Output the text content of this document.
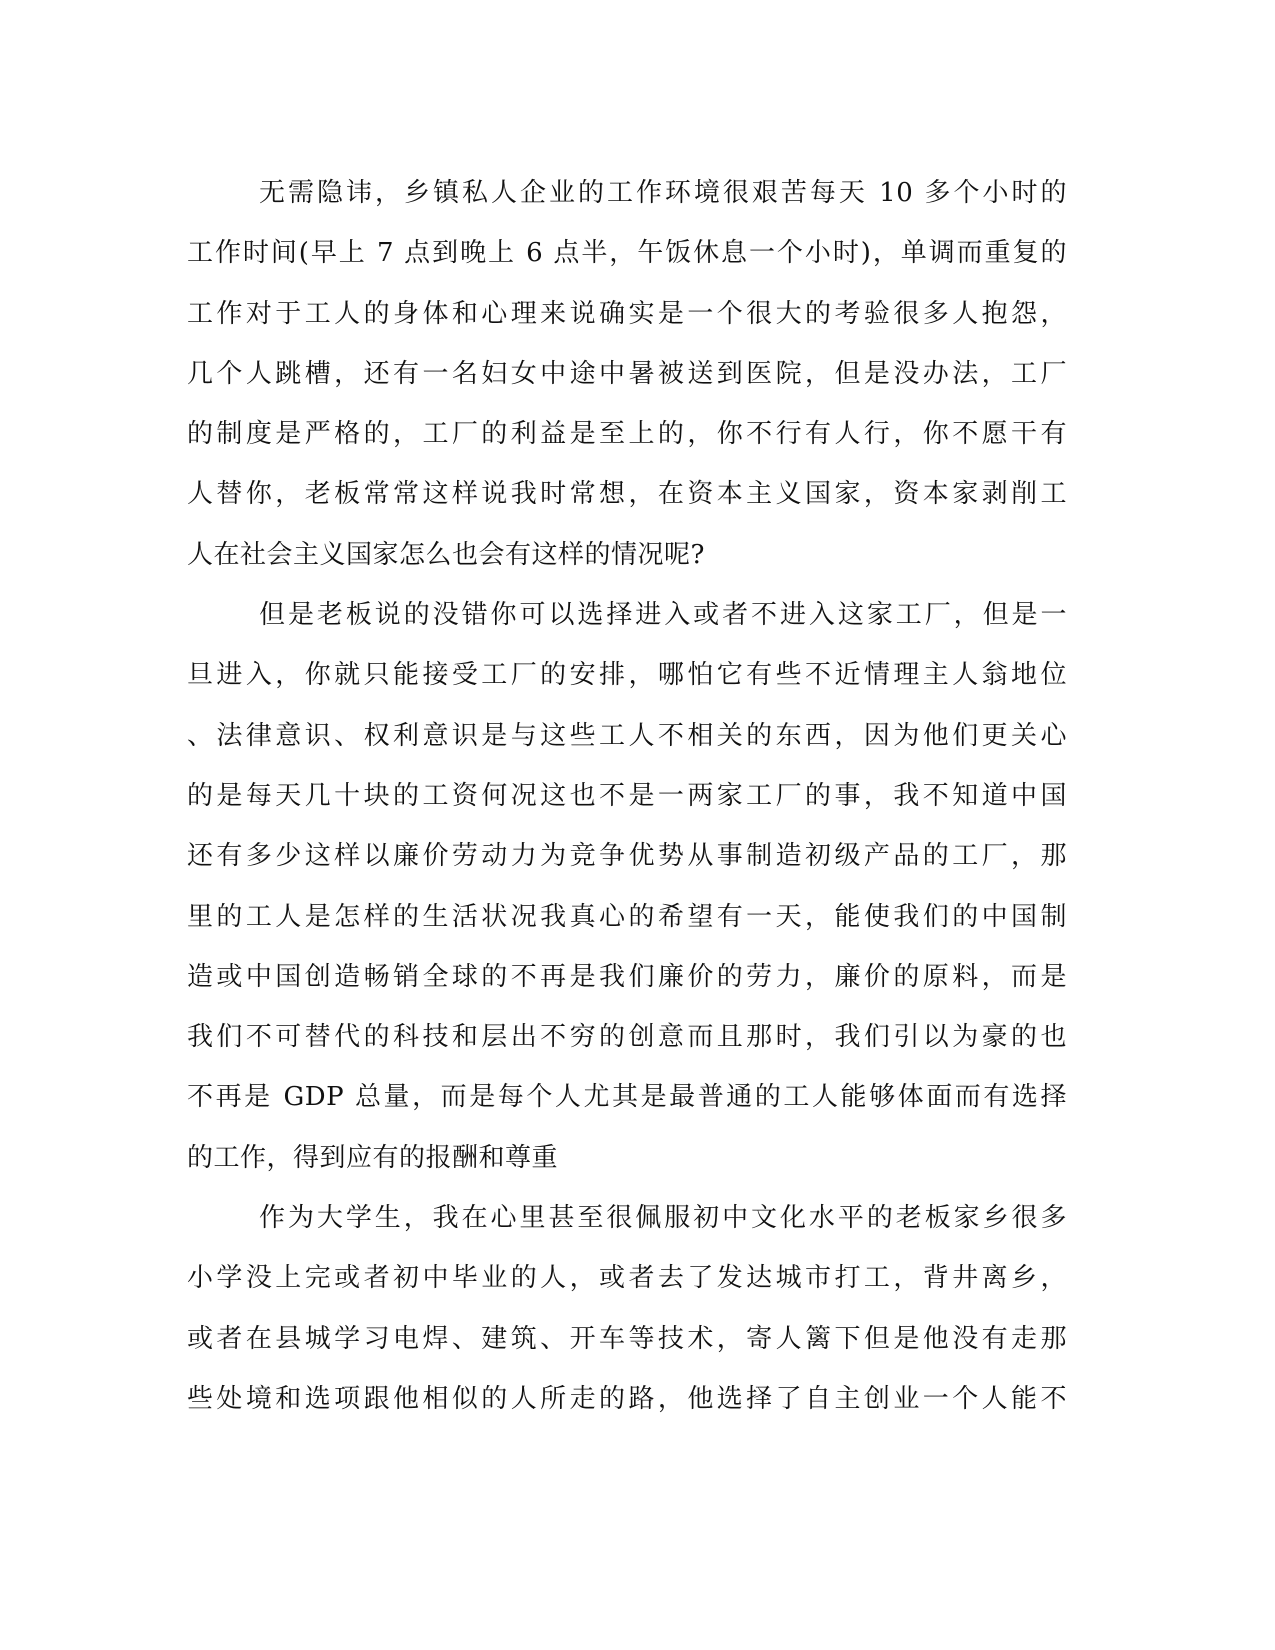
无需隐讳，乡镇私人企业的工作环境很艰苦每天 10 多个小时的
工作时间(早上 7 点到晚上 6 点半，午饭休息一个小时)，单调而重复的
工作对于工人的身体和心理来说确实是一个很大的考验很多人抱怨，
几个人跳槽，还有一名妇女中途中暑被送到医院，但是没办法，工厂
的制度是严格的，工厂的利益是至上的，你不行有人行，你不愿干有
人替你，老板常常这样说我时常想，在资本主义国家，资本家剥削工
人在社会主义国家怎么也会有这样的情况呢?
但是老板说的没错你可以选择进入或者不进入这家工厂，但是一
旦进入，你就只能接受工厂的安排，哪怕它有些不近情理主人翁地位
、法律意识、权利意识是与这些工人不相关的东西，因为他们更关心
的是每天几十块的工资何况这也不是一两家工厂的事，我不知道中国
还有多少这样以廉价劳动力为竞争优势从事制造初级产品的工厂，那
里的工人是怎样的生活状况我真心的希望有一天，能使我们的中国制
造或中国创造畅销全球的不再是我们廉价的劳力，廉价的原料，而是
我们不可替代的科技和层出不穷的创意而且那时，我们引以为豪的也
不再是 GDP 总量，而是每个人尤其是最普通的工人能够体面而有选择
的工作，得到应有的报酬和尊重
作为大学生，我在心里甚至很佩服初中文化水平的老板家乡很多
小学没上完或者初中毕业的人，或者去了发达城市打工，背井离乡，
或者在县城学习电焊、建筑、开车等技术，寄人篱下但是他没有走那
些处境和选项跟他相似的人所走的路，他选择了自主创业一个人能不
